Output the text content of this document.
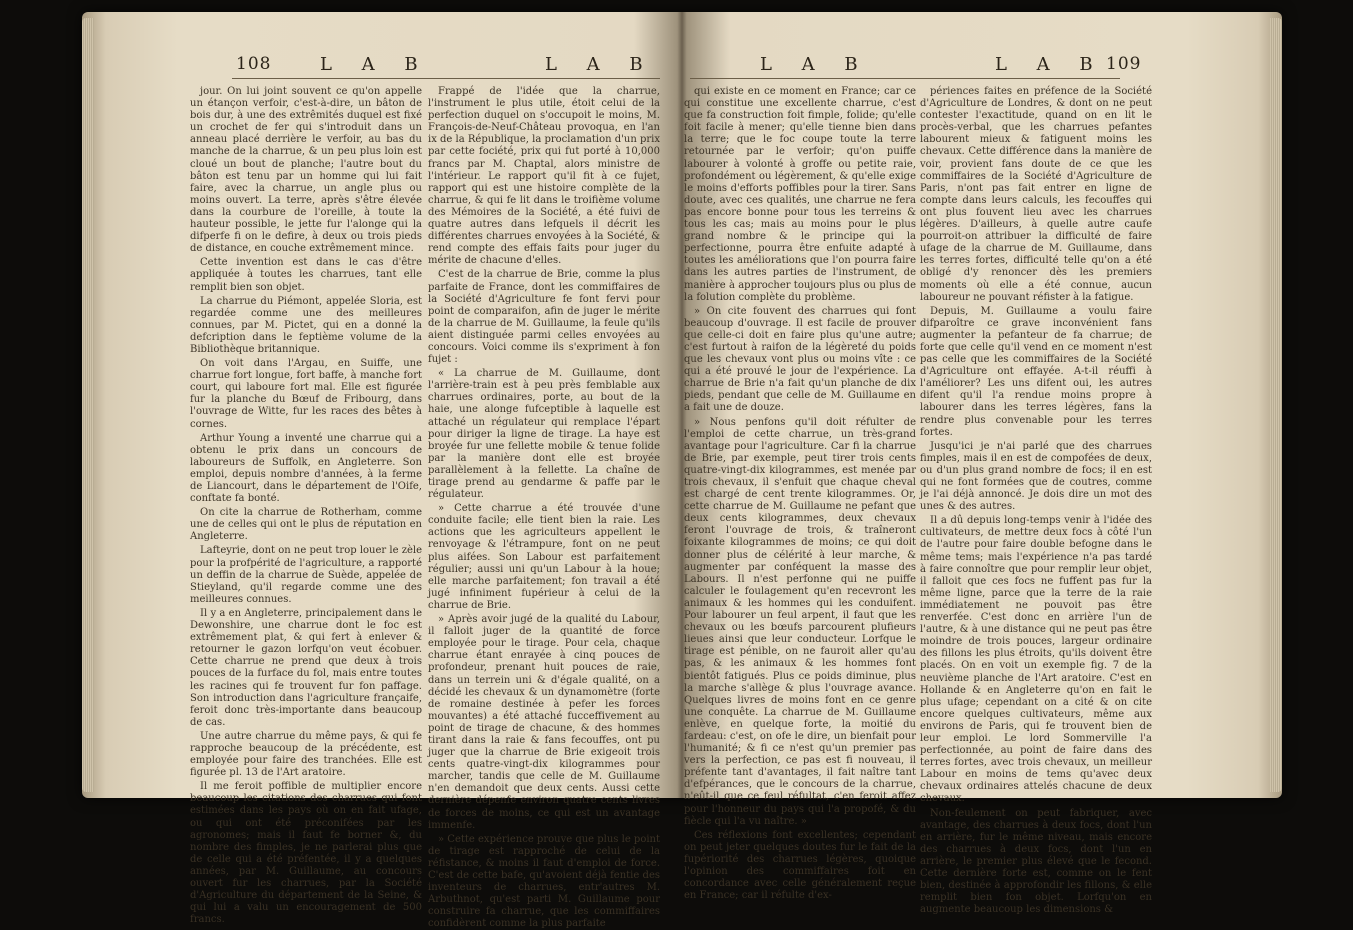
108	L A B	L A B

jour. On lui joint souvent ce qu'on appelle un étançon verfoir, c'est-à-dire, un bâton de bois dur, à une des extrêmités duquel est fixé un crochet de fer qui s'introduit dans un anneau placé derrière le verfoir, au bas du manche de la charrue, & un peu plus loin est cloué un bout de planche; l'autre bout du bâton est tenu par un homme qui lui fait faire, avec la charrue, un angle plus ou moins ouvert. La terre, après s'être élevée dans la courbure de l'oreille, à toute la hauteur possible, le jette fur l'alonge qui la difperfe fi on le defire, à deux ou trois pieds de distance, en couche extrêmement mince.

Cette invention est dans le cas d'être appliquée à toutes les charrues, tant elle remplit bien son objet.

La charrue du Piémont, appelée Sloria, est regardée comme une des meilleures connues, par M. Pictet, qui en a donné la defcription dans le feptième volume de la Bibliothèque britannique.

On voit dans l'Argau, en Suiffe, une charrue fort longue, fort baffe, à manche fort court, qui laboure fort mal. Elle est figurée fur la planche du Bœuf de Fribourg, dans l'ouvrage de Witte, fur les races des bêtes à cornes.

Arthur Young a inventé une charrue qui a obtenu le prix dans un concours de laboureurs de Suffolk, en Angleterre. Son emploi, depuis nombre d'années, à la ferme de Liancourt, dans le département de l'Oife, conftate fa bonté.

On cite la charrue de Rotherham, comme une de celles qui ont le plus de réputation en Angleterre.

Lafteyrie, dont on ne peut trop louer le zèle pour la profpérité de l'agriculture, a rapporté un deffin de la charrue de Suède, appelée de Stieyland, qu'il regarde comme une des meilleures connues.

Il y a en Angleterre, principalement dans le Dewonshire, une charrue dont le foc est extrêmement plat, & qui fert à enlever & retourner le gazon lorfqu'on veut écobuer. Cette charrue ne prend que deux à trois pouces de la furface du fol, mais entre toutes les racines qui fe trouvent fur fon paffage. Son introduction dans l'agriculture françaife, feroit donc très-importante dans beaucoup de cas.

Une autre charrue du même pays, & qui fe rapproche beaucoup de la précédente, est employée pour faire des tranchées. Elle est figurée pl. 13 de l'Art aratoire.

Il me feroit poffible de multiplier encore beaucoup les citations des charrues qui font estimées dans les pays où on en fait ufage, ou qui ont été préconifées par les agronomes; mais il faut fe borner &, du nombre des fimples, je ne parlerai plus que de celle qui a été préfentée, il y a quelques années, par M. Guillaume, au concours ouvert fur les charrues, par la Société d'Agriculture du département de la Seine, & qui lui a valu un encouragement de 500 francs.

Frappé de l'idée que la charrue, l'instrument le plus utile, étoit celui de la perfection duquel on s'occupoit le moins, M. François-de-Neuf-Château provoqua, en l'an ix de la République, la proclamation d'un prix par cette fociété, prix qui fut porté à 10,000 francs par M. Chaptal, alors ministre de l'intérieur. Le rapport qu'il fit à ce fujet, rapport qui est une histoire complète de la charrue, & qui fe lit dans le troifième volume des Mémoires de la Société, a été fuivi de quatre autres dans lefquels il décrit les différentes charrues envoyées à la Société, & rend compte des effais faits pour juger du mérite de chacune d'elles.

C'est de la charrue de Brie, comme la plus parfaite de France, dont les commiffaires de la Société d'Agriculture fe font fervi pour point de comparaifon, afin de juger le mérite de la charrue de M. Guillaume, la feule qu'ils aient distinguée parmi celles envoyées au concours. Voici comme ils s'expriment à fon fujet :

« La charrue de M. Guillaume, dont l'arrière-train est à peu près femblable aux charrues ordinaires, porte, au bout de la haie, une alonge fufceptible à laquelle est attaché un régulateur qui remplace l'épart pour diriger la ligne de tirage. La haye est broyée fur une fellette mobile & tenue folide par la manière dont elle est broyée parallèlement à la fellette. La chaîne de tirage prend au gendarme & paffe par le régulateur.

» Cette charrue a été trouvée d'une conduite facile; elle tient bien la raie. Les actions que les agriculteurs appellent le renvoyage & l'étrampure, font on ne peut plus aifées. Son Labour est parfaitement régulier; aussi uni qu'un Labour à la houe; elle marche parfaitement; fon travail a été jugé infiniment fupérieur à celui de la charrue de Brie.

» Après avoir jugé de la qualité du Labour, il falloit juger de la quantité de force employée pour le tirage. Pour cela, chaque charrue étant enrayée à cinq pouces de profondeur, prenant huit pouces de raie, dans un terrein uni & d'égale qualité, on a décidé les chevaux & un dynamomètre (forte de romaine destinée à pefer les forces mouvantes) a été attaché fucceffivement au point de tirage de chacune, & des hommes tirant dans la raie & fans fecouffes, ont pu juger que la charrue de Brie exigeoit trois cents quatre-vingt-dix kilogrammes pour marcher, tandis que celle de M. Guillaume n'en demandoit que deux cents. Aussi cette dernière dépenfe environ quatre cents livres de forces de moins, ce qui est un avantage immenfe.

» Cette expérience prouve que plus le point de tirage est rapproché de celui de la réfistance, & moins il faut d'emploi de force. C'est de cette bafe, qu'avoient déjà fentie des inventeurs de charrues, entr'autres M. Arbuthnot, qu'est parti M. Guillaume pour construire fa charrue, que les commiffaires confidèrent comme la plus parfaite

L A B	L A B 109

qui existe en ce moment en France; car ce qui constitue une excellente charrue, c'est que fa construction foit fimple, folide; qu'elle foit facile à mener; qu'elle tienne bien dans la terre; que le foc coupe toute la terre retournée par le verfoir; qu'on puiffe labourer à volonté à groffe ou petite raie, profondément ou légèrement, & qu'elle exige le moins d'efforts poffibles pour la tirer. Sans doute, avec ces qualités, une charrue ne fera pas encore bonne pour tous les terreins & tous les cas; mais au moins pour le plus grand nombre & le principe qui la perfectionne, pourra être enfuite adapté à toutes les améliorations que l'on pourra faire dans les autres parties de l'instrument, de manière à approcher toujours plus ou plus de la folution complète du problème.

» On cite fouvent des charrues qui font beaucoup d'ouvrage. Il est facile de prouver que celle-ci doit en faire plus qu'une autre; c'est furtout à raifon de la légèreté du poids que les chevaux vont plus ou moins vîte : ce qui a été prouvé le jour de l'expérience. La charrue de Brie n'a fait qu'un planche de dix pieds, pendant que celle de M. Guillaume en a fait une de douze.

» Nous penfons qu'il doit réfulter de l'emploi de cette charrue, un très-grand avantage pour l'agriculture. Car fi la charrue de Brie, par exemple, peut tirer trois cents quatre-vingt-dix kilogrammes, est menée par trois chevaux, il s'enfuit que chaque cheval est chargé de cent trente kilogrammes. Or, cette charrue de M. Guillaume ne pefant que deux cents kilogrammes, deux chevaux feront l'ouvrage de trois, & traîneront foixante kilogrammes de moins; ce qui doit donner plus de célérité à leur marche, & augmenter par conféquent la masse des Labours. Il n'est perfonne qui ne puiffe calculer le foulagement qu'en recevront les animaux & les hommes qui les conduifent. Pour labourer un feul arpent, il faut que les chevaux ou les bœufs parcourent plufieurs lieues ainsi que leur conducteur. Lorfque le tirage est pénible, on ne fauroit aller qu'au pas, & les animaux & les hommes font bientôt fatigués. Plus ce poids diminue, plus la marche s'allège & plus l'ouvrage avance. Quelques livres de moins font en ce genre une conquête. La charrue de M. Guillaume enlève, en quelque forte, la moitié du fardeau: c'est, on ofe le dire, un bienfait pour l'humanité; & fi ce n'est qu'un premier pas vers la perfection, ce pas est fi nouveau, il préfente tant d'avantages, il fait naître tant d'efpérances, que le concours de la charrue, n'eût-il que ce feul réfultat, c'en feroit affez pour l'honneur du pays qui l'a propofé, & du fiècle qui l'a vu naître. »

Ces réflexions font excellentes; cependant on peut jeter quelques doutes fur le fait de la fupériorité des charrues légères, quoique l'opinion des commiffaires foit en concordance avec celle généralement reçue en France; car il réfulte d'ex-

périences faites en préfence de la Société d'Agriculture de Londres, & dont on ne peut contester l'exactitude, quand on en lit le procès-verbal, que les charrues pefantes labourent mieux & fatiguent moins les chevaux. Cette différence dans la manière de voir, provient fans doute de ce que les commiffaires de la Société d'Agriculture de Paris, n'ont pas fait entrer en ligne de compte dans leurs calculs, les fecouffes qui ont plus fouvent lieu avec les charrues légères. D'ailleurs, à quelle autre caufe pourroit-on attribuer la difficulté de faire ufage de la charrue de M. Guillaume, dans les terres fortes, difficulté telle qu'on a été obligé d'y renoncer dès les premiers moments où elle a été connue, aucun laboureur ne pouvant réfister à la fatigue.

Depuis, M. Guillaume a voulu faire difparoître ce grave inconvénient fans augmenter la pefanteur de fa charrue; de forte que celle qu'il vend en ce moment n'est pas celle que les commiffaires de la Société d'Agriculture ont effayée. A-t-il réuffi à l'améliorer? Les uns difent oui, les autres difent qu'il l'a rendue moins propre à labourer dans les terres légères, fans la rendre plus convenable pour les terres fortes.

Jusqu'ici je n'ai parlé que des charrues fimples, mais il en est de compofées de deux, ou d'un plus grand nombre de focs; il en est qui ne font formées que de coutres, comme je l'ai déjà annoncé. Je dois dire un mot des unes & des autres.

Il a dû depuis long-temps venir à l'idée des cultivateurs, de mettre deux focs à côté l'un de l'autre pour faire double befogne dans le même tems; mais l'expérience n'a pas tardé à faire connoître que pour remplir leur objet, il falloit que ces focs ne fuffent pas fur la même ligne, parce que la terre de la raie immédiatement ne pouvoit pas être renverfée. C'est donc en arrière l'un de l'autre, & à une distance qui ne peut pas être moindre de trois pouces, largeur ordinaire des fillons les plus étroits, qu'ils doivent être placés. On en voit un exemple fig. 7 de la neuvième planche de l'Art aratoire. C'est en Hollande & en Angleterre qu'on en fait le plus ufage; cependant on a cité & on cite encore quelques cultivateurs, même aux environs de Paris, qui fe trouvent bien de leur emploi. Le lord Sommerville l'a perfectionnée, au point de faire dans des terres fortes, avec trois chevaux, un meilleur Labour en moins de tems qu'avec deux chevaux ordinaires attelés chacune de deux chevaux.

Non-feulement on peut fabriquer, avec avantage, des charrues à deux focs, dont l'un en arrière, fur le même niveau, mais encore des charrues à deux focs, dont l'un en arrière, le premier plus élevé que le fecond. Cette dernière forte est, comme on le fent bien, destinée à approfondir les fillons, & elle remplit bien fon objet. Lorfqu'on en augmente beaucoup les dimensions &
